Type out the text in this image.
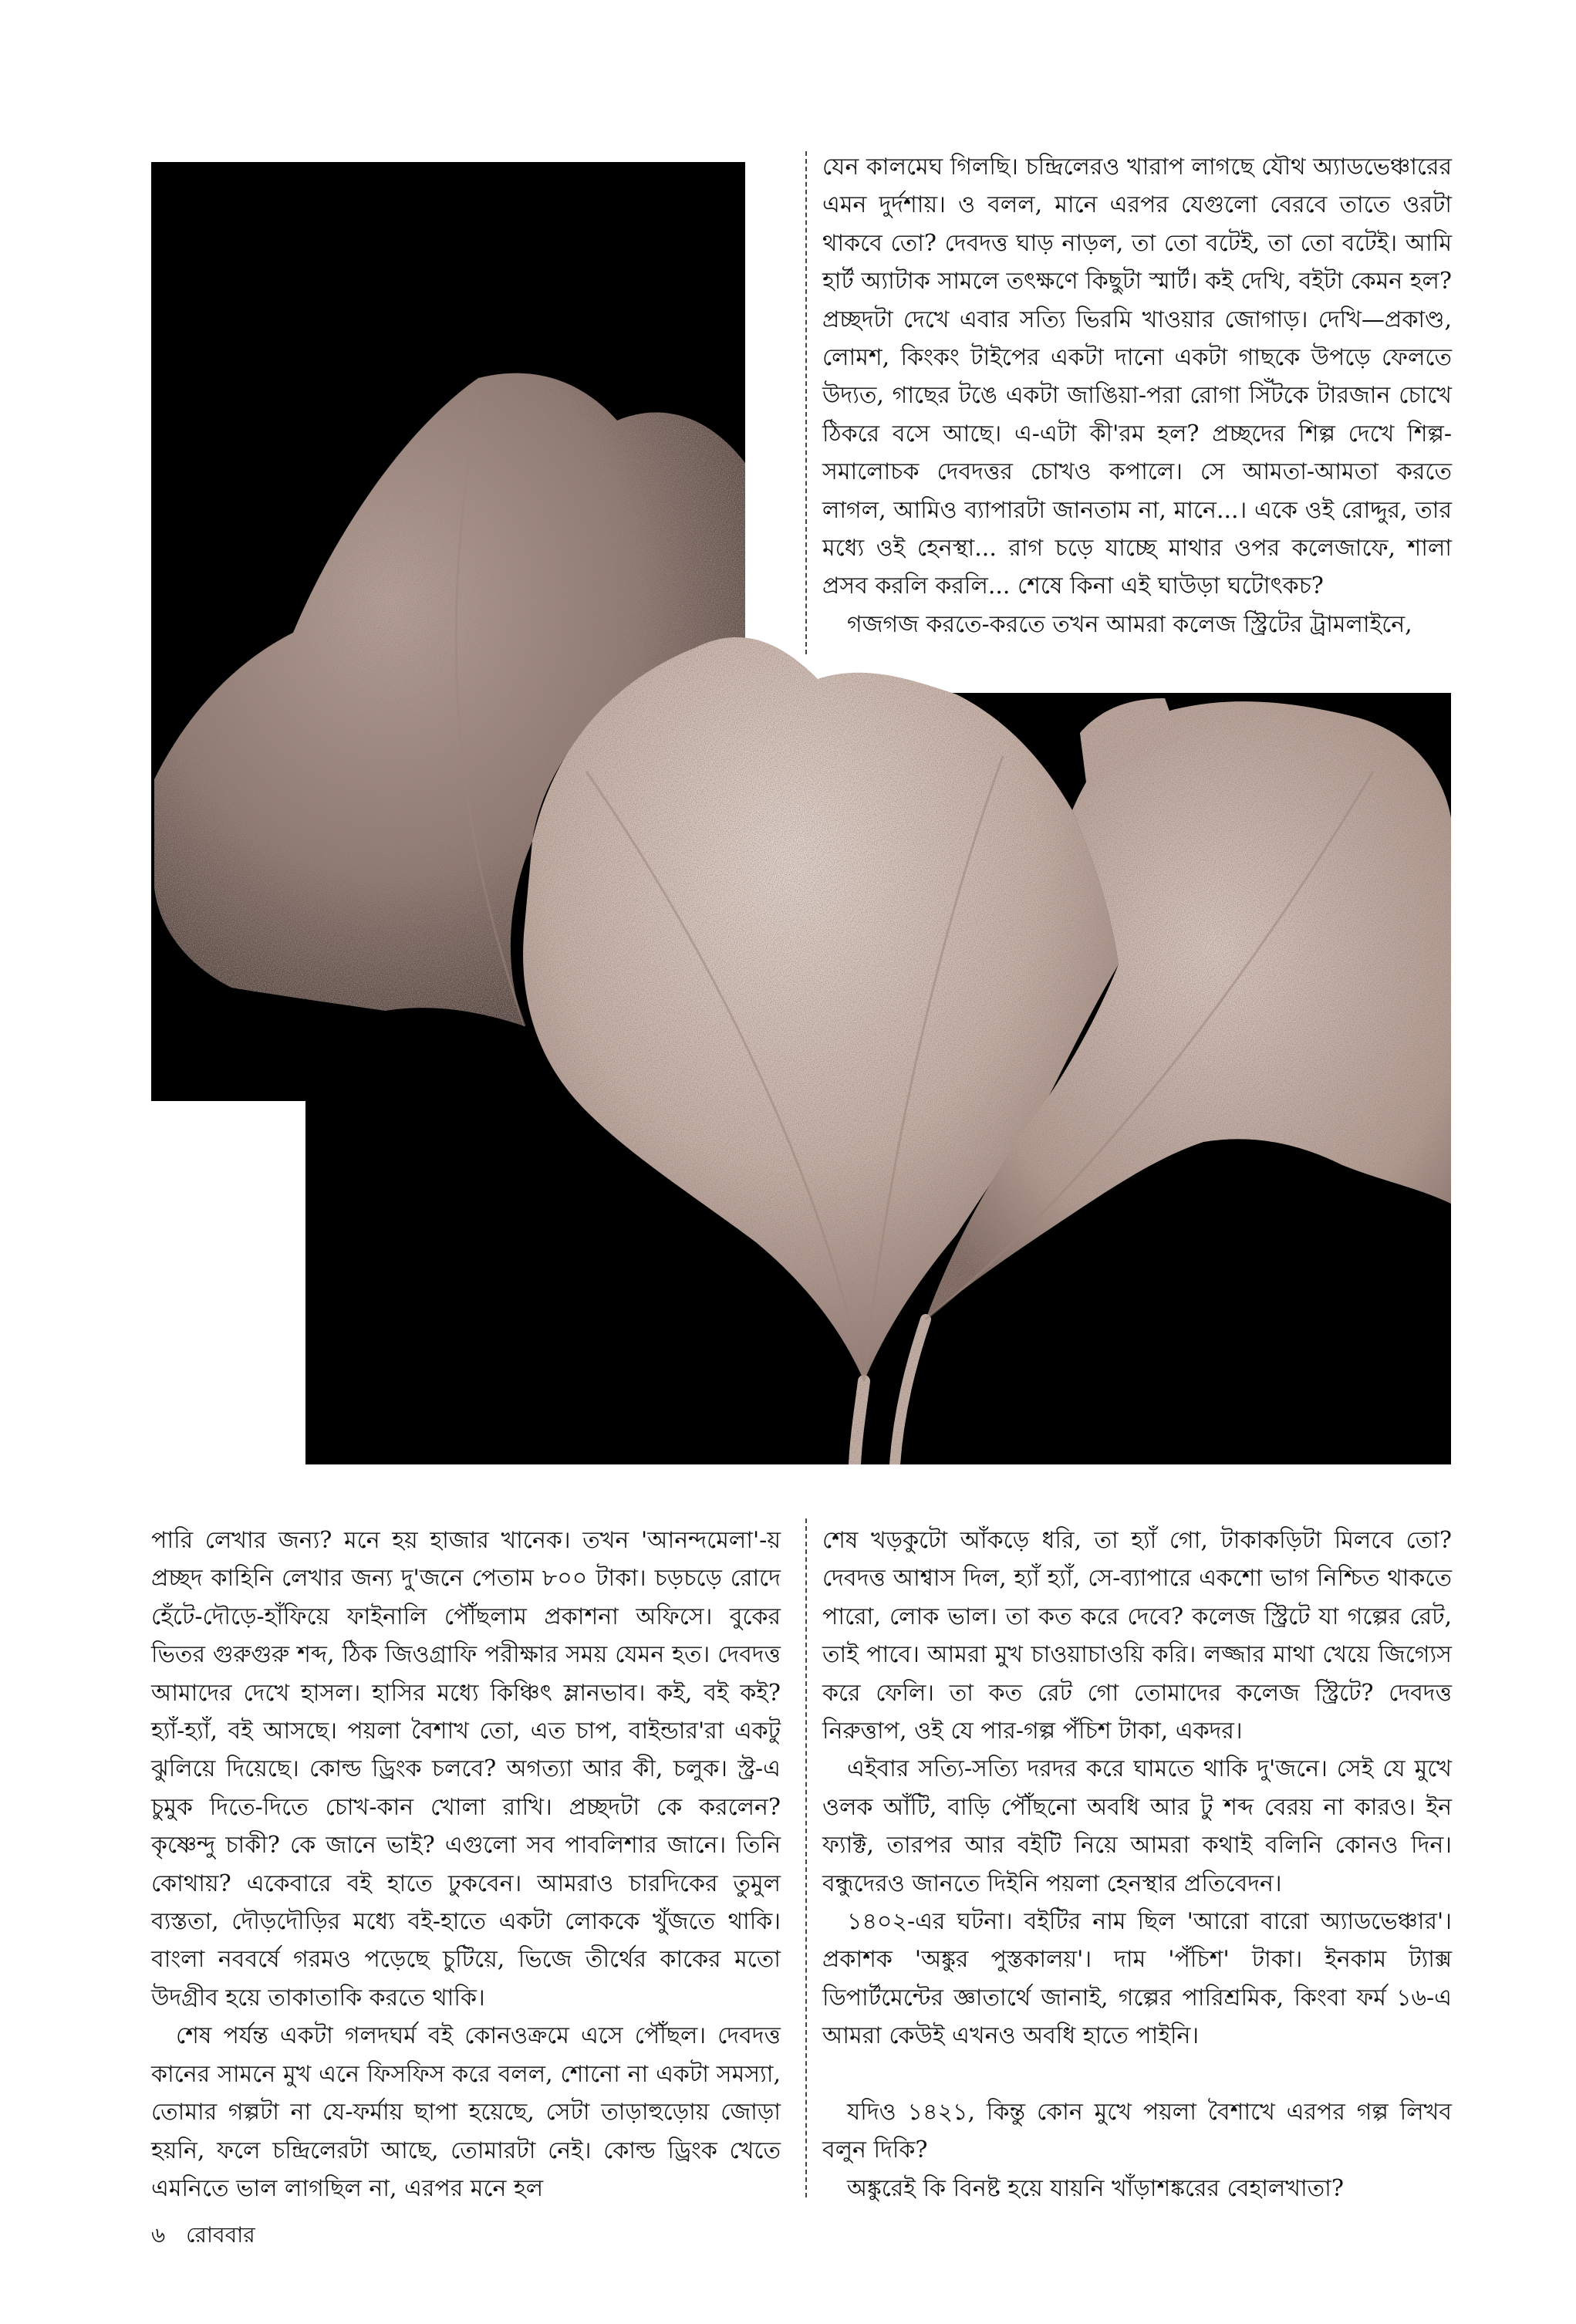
যেন কালমেঘ গিলছি। চন্দ্রিলেরও খারাপ লাগছে যৌথ অ্যাডভেঞ্চারের এমন দুর্দশায়। ও বলল, মানে এরপর যেগুলো বেরবে তাতে ওরটা থাকবে তো? দেবদত্ত ঘাড় নাড়ল, তা তো বটেই, তা তো বটেই। আমি হার্ট অ্যাটাক সামলে তৎক্ষণে কিছুটা স্মার্ট। কই দেখি, বইটা কেমন হল? প্রচ্ছদটা দেখে এবার সত্যি ভিরমি খাওয়ার জোগাড়। দেখি—প্রকাণ্ড, লোমশ, কিংকং টাইপের একটা দানো একটা গাছকে উপড়ে ফেলতে উদ্যত, গাছের টঙে একটা জাঙিয়া-পরা রোগা সিঁটকে টারজান চোখে ঠিকরে বসে আছে। এ-এটা কী'রম হল? প্রচ্ছদের শিল্প দেখে শিল্প-সমালোচক দেবদত্তর চোখও কপালে। সে আমতা-আমতা করতে লাগল, আমিও ব্যাপারটা জানতাম না, মানে...। একে ওই রোদ্দুর, তার মধ্যে ওই হেনস্থা... রাগ চড়ে যাচ্ছে মাথার ওপর কলেজাফে, শালা প্রসব করলি করলি... শেষে কিনা এই ঘাউড়া ঘটোৎকচ?

গজগজ করতে-করতে তখন আমরা কলেজ স্ট্রিটের ট্রামলাইনে,

পারি লেখার জন্য? মনে হয় হাজার খানেক। তখন 'আনন্দমেলা'-য় প্রচ্ছদ কাহিনি লেখার জন্য দু'জনে পেতাম ৮০০ টাকা। চড়চড়ে রোদে হেঁটে-দৌড়ে-হাঁফিয়ে ফাইনালি পৌঁছলাম প্রকাশনা অফিসে। বুকের ভিতর গুরুগুরু শব্দ, ঠিক জিওগ্রাফি পরীক্ষার সময় যেমন হত। দেবদত্ত আমাদের দেখে হাসল। হাসির মধ্যে কিঞ্চিৎ ম্লানভাব। কই, বই কই? হ্যাঁ-হ্যাঁ, বই আসছে। পয়লা বৈশাখ তো, এত চাপ, বাইন্ডার'রা একটু ঝুলিয়ে দিয়েছে। কোল্ড ড্রিংক চলবে? অগত্যা আর কী, চলুক। স্ট্র-এ চুমুক দিতে-দিতে চোখ-কান খোলা রাখি। প্রচ্ছদটা কে করলেন? কৃষ্ণেন্দু চাকী? কে জানে ভাই? এগুলো সব পাবলিশার জানে। তিনি কোথায়? একেবারে বই হাতে ঢুকবেন। আমরাও চারদিকের তুমুল ব্যস্ততা, দৌড়দৌড়ির মধ্যে বই-হাতে একটা লোককে খুঁজতে থাকি। বাংলা নববর্ষে গরমও পড়েছে চুটিয়ে, ভিজে তীর্থের কাকের মতো উদগ্রীব হয়ে তাকাতাকি করতে থাকি।

শেষ পর্যন্ত একটা গলদঘর্ম বই কোনওক্রমে এসে পৌঁছল। দেবদত্ত কানের সামনে মুখ এনে ফিসফিস করে বলল, শোনো না একটা সমস্যা, তোমার গল্পটা না যে-ফর্মায় ছাপা হয়েছে, সেটা তাড়াহুড়োয় জোড়া হয়নি, ফলে চন্দ্রিলেরটা আছে, তোমারটা নেই। কোল্ড ড্রিংক খেতে এমনিতে ভাল লাগছিল না, এরপর মনে হল

শেষ খড়কুটো আঁকড়ে ধরি, তা হ্যাঁ গো, টাকাকড়িটা মিলবে তো? দেবদত্ত আশ্বাস দিল, হ্যাঁ হ্যাঁ, সে-ব্যাপারে একশো ভাগ নিশ্চিত থাকতে পারো, লোক ভাল। তা কত করে দেবে? কলেজ স্ট্রিটে যা গল্পের রেট, তাই পাবে। আমরা মুখ চাওয়াচাওয়ি করি। লজ্জার মাথা খেয়ে জিগ্যেস করে ফেলি। তা কত রেট গো তোমাদের কলেজ স্ট্রিটে? দেবদত্ত নিরুত্তাপ, ওই যে পার-গল্প পঁচিশ টাকা, একদর।

এইবার সত্যি-সত্যি দরদর করে ঘামতে থাকি দু'জনে। সেই যে মুখে ওলক আঁটি, বাড়ি পৌঁছনো অবধি আর টু শব্দ বেরয় না কারও। ইন ফ্যাক্ট, তারপর আর বইটি নিয়ে আমরা কথাই বলিনি কোনও দিন। বন্ধুদেরও জানতে দিইনি পয়লা হেনস্থার প্রতিবেদন।

১৪০২-এর ঘটনা। বইটির নাম ছিল 'আরো বারো অ্যাডভেঞ্চার'। প্রকাশক 'অঙ্কুর পুস্তকালয়'। দাম 'পঁচিশ' টাকা। ইনকাম ট্যাক্স ডিপার্টমেন্টের জ্ঞাতার্থে জানাই, গল্পের পারিশ্রমিক, কিংবা ফর্ম ১৬-এ আমরা কেউই এখনও অবধি হাতে পাইনি।

যদিও ১৪২১, কিন্তু কোন মুখে পয়লা বৈশাখে এরপর গল্প লিখব বলুন দিকি?

অঙ্কুরেই কি বিনষ্ট হয়ে যায়নি খাঁড়াশঙ্করের বেহালখাতা?

৬ রোববার
